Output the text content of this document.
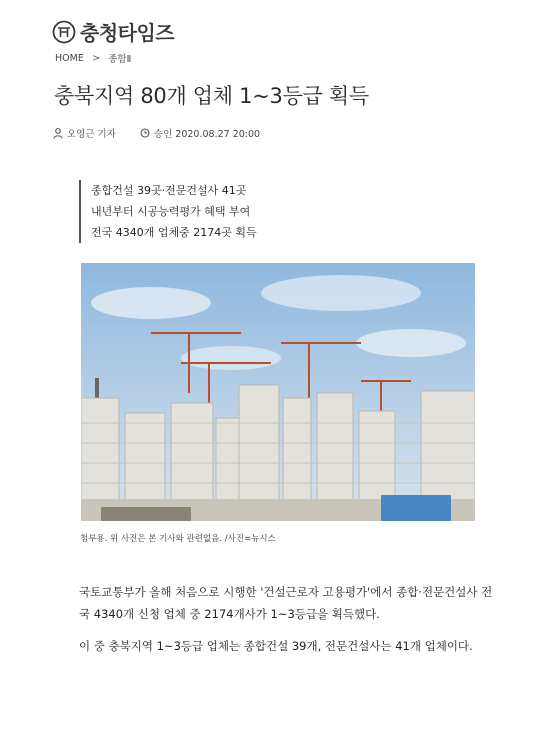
충청타임즈
HOME > 종합Ⅱ
충북지역 80개 업체 1~3등급 획득
오영근 기자	승인 2020.08.27 20:00
종합건설 39곳·전문건설사 41곳
내년부터 시공능력평가 혜택 부여
전국 4340개 업체중 2174곳 획득
첨부용. 위 사진은 본 기사와 관련없음. /사진=뉴시스

국토교통부가 올해 처음으로 시행한 '건설근로자 고용평가'에서 종합·전문건설사 전국 4340개 신청 업체 중 2174개사가 1~3등급을 획득했다.

이 중 충북지역 1~3등급 업체는 종합건설 39개, 전문건설사는 41개 업체이다.
